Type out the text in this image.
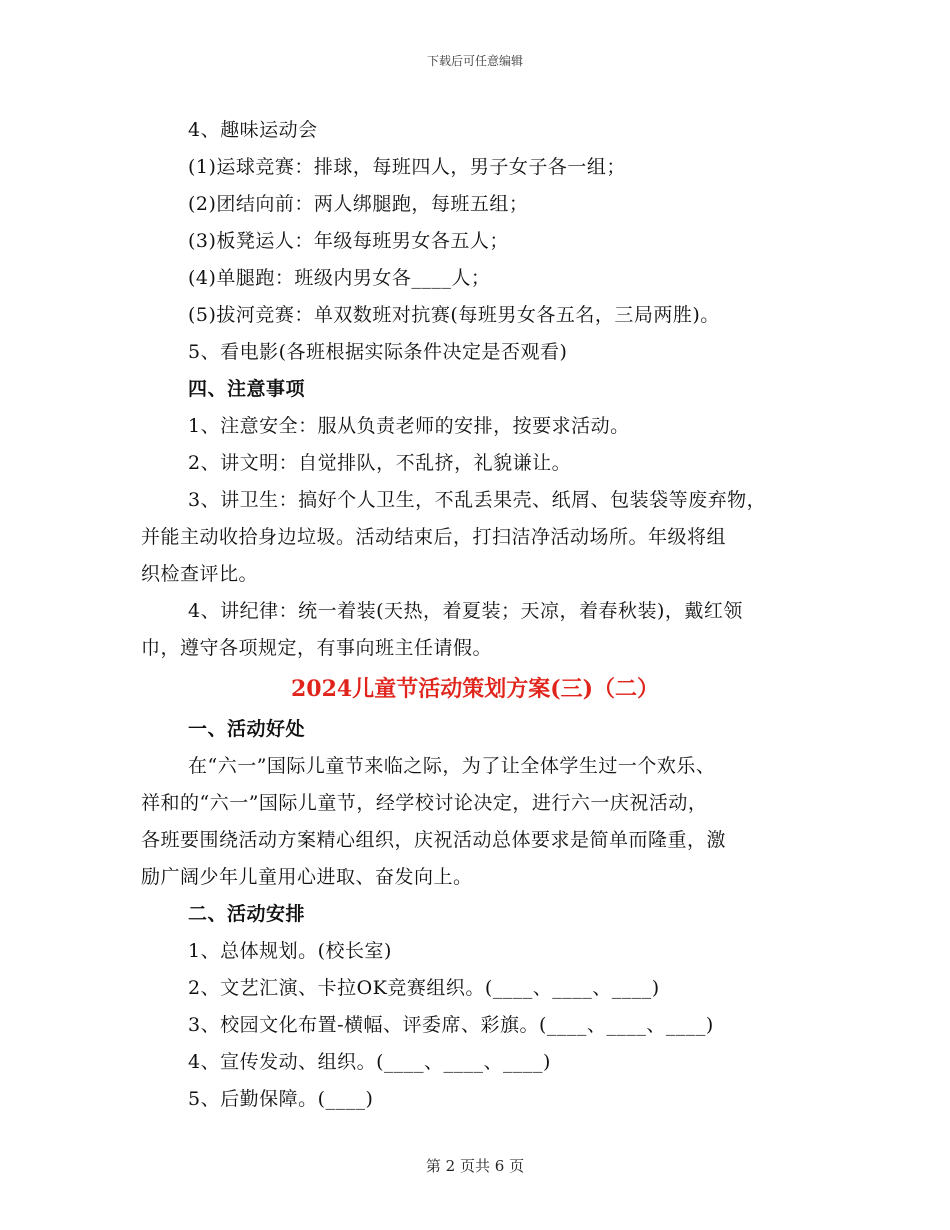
下载后可任意编辑
4、趣味运动会
(1)运球竞赛：排球，每班四人，男子女子各一组；
(2)团结向前：两人绑腿跑，每班五组；
(3)板凳运人：年级每班男女各五人；
(4)单腿跑：班级内男女各____人；
(5)拔河竞赛：单双数班对抗赛(每班男女各五名，三局两胜)。
5、看电影(各班根据实际条件决定是否观看)
四、注意事项
1、注意安全：服从负责老师的安排，按要求活动。
2、讲文明：自觉排队，不乱挤，礼貌谦让。
3、讲卫生：搞好个人卫生，不乱丢果壳、纸屑、包装袋等废弃物，
并能主动收拾身边垃圾。活动结束后，打扫洁净活动场所。年级将组
织检查评比。
4、讲纪律：统一着装(天热，着夏装；天凉，着春秋装)，戴红领
巾，遵守各项规定，有事向班主任请假。
2024儿童节活动策划方案(三)（二）
一、活动好处
在“六一”国际儿童节来临之际，为了让全体学生过一个欢乐、
祥和的“六一”国际儿童节，经学校讨论决定，进行六一庆祝活动，
各班要围绕活动方案精心组织，庆祝活动总体要求是简单而隆重，激
励广阔少年儿童用心进取、奋发向上。
二、活动安排
1、总体规划。(校长室)
2、文艺汇演、卡拉OK竞赛组织。(____、____、____)
3、校园文化布置-横幅、评委席、彩旗。(____、____、____)
4、宣传发动、组织。(____、____、____)
5、后勤保障。(____)
第 2 页共 6 页
